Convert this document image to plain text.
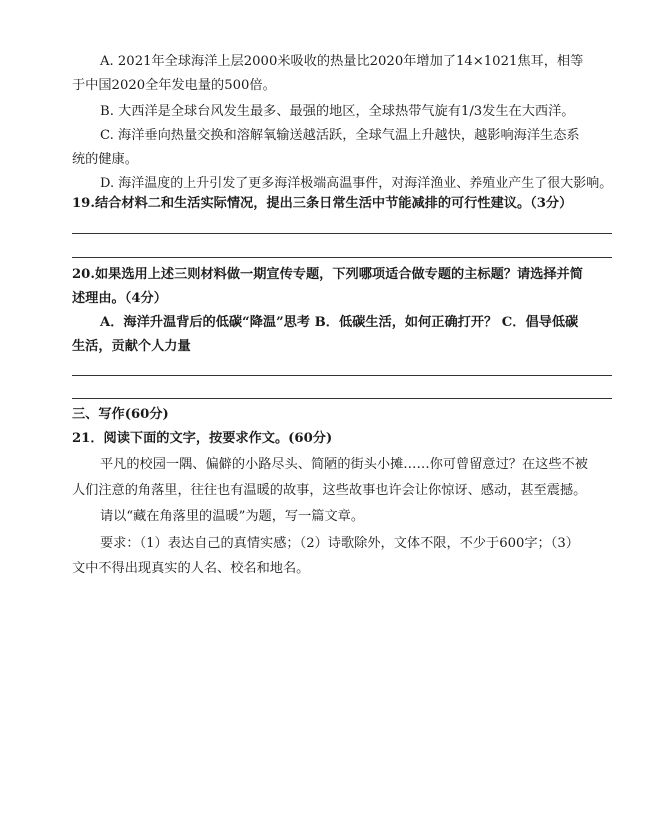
A. 2021年全球海洋上层2000米吸收的热量比2020年增加了14×1021焦耳，相等
于中国2020全年发电量的500倍。
B. 大西洋是全球台风发生最多、最强的地区，全球热带气旋有1/3发生在大西洋。
C. 海洋垂向热量交换和溶解氧输送越活跃，全球气温上升越快，越影响海洋生态系
统的健康。
D. 海洋温度的上升引发了更多海洋极端高温事件，对海洋渔业、养殖业产生了很大影响。
19.结合材料二和生活实际情况，提出三条日常生活中节能减排的可行性建议。（3分）
20.如果选用上述三则材料做一期宣传专题，下列哪项适合做专题的主标题？请选择并简
述理由。（4分）
A．海洋升温背后的低碳“降温”思考 B．低碳生活，如何正确打开？ C．倡导低碳
生活，贡献个人力量
三、写作(60分)
21．阅读下面的文字，按要求作文。(60分)
平凡的校园一隅、偏僻的小路尽头、简陋的街头小摊……你可曾留意过？在这些不被
人们注意的角落里，往往也有温暖的故事，这些故事也许会让你惊讶、感动，甚至震撼。
请以“藏在角落里的温暖”为题，写一篇文章。
要求：（1）表达自己的真情实感；（2）诗歌除外，文体不限，不少于600字；（3）
文中不得出现真实的人名、校名和地名。
